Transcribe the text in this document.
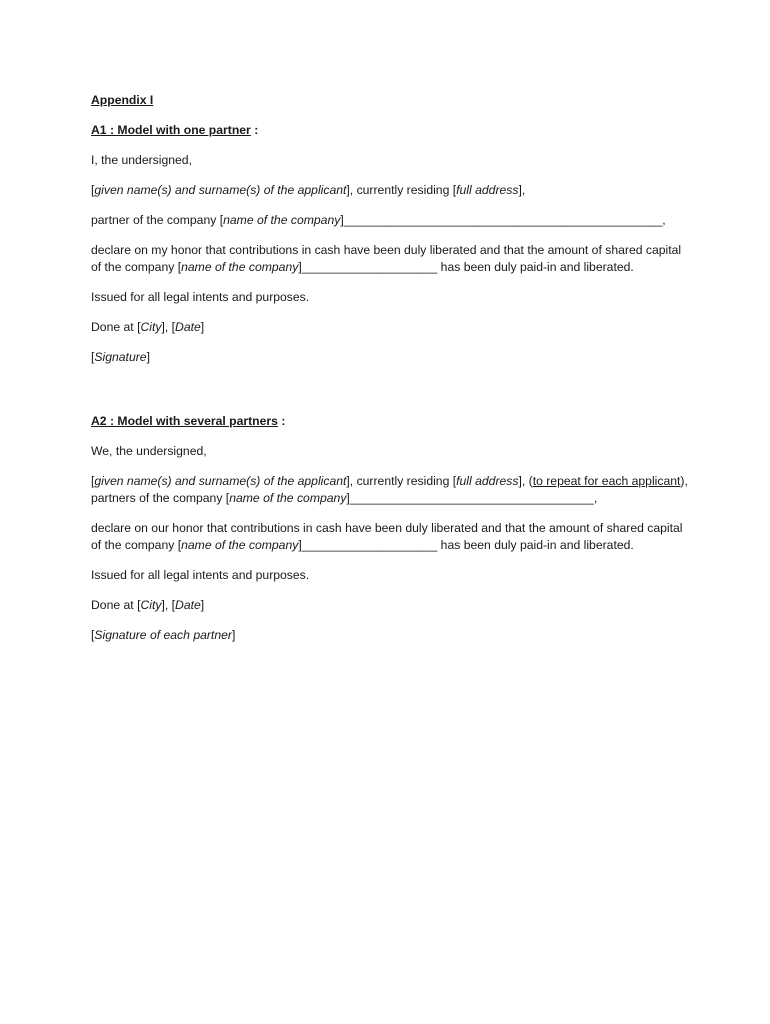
Appendix I

A1 : Model with one partner :

I, the undersigned,

[given name(s) and surname(s) of the applicant], currently residing [full address],

partner of the company [name of the company]_______________________________________________,

declare on my honor that contributions in cash have been duly liberated and that the amount of shared capital of the company [name of the company]____________________ has been duly paid-in and liberated.

Issued for all legal intents and purposes.

Done at [City], [Date]

[Signature]

A2 : Model with several partners :

We, the undersigned,

[given name(s) and surname(s) of the applicant], currently residing [full address], (to repeat for each applicant), partners of the company [name of the company]____________________________________,

declare on our honor that contributions in cash have been duly liberated and that the amount of shared capital of the company [name of the company]____________________ has been duly paid-in and liberated.

Issued for all legal intents and purposes.

Done at [City], [Date]

[Signature of each partner]
